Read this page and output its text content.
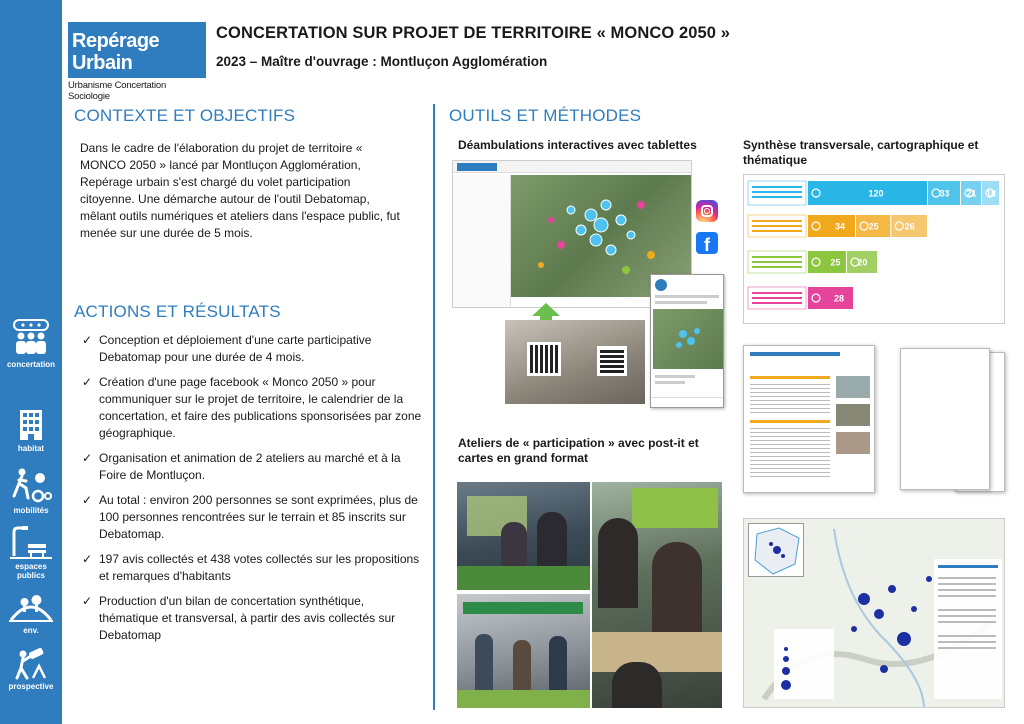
concertation
habitat
mobilités
espaces publics
env.
prospective
Repérage Urbain
Urbanisme Concertation Sociologie
CONCERTATION SUR PROJET DE TERRITOIRE « MONCO 2050 »
2023 – Maître d'ouvrage : Montluçon Agglomération
CONTEXTE ET OBJECTIFS
Dans le cadre de l'élaboration du projet de territoire « MONCO 2050 » lancé par Montluçon Agglomération, Repérage urbain s'est chargé du volet participation citoyenne. Une démarche autour de l'outil Debatomap, mêlant outils numériques et ateliers dans l'espace public, fut menée sur une durée de 5 mois.
ACTIONS ET RÉSULTATS
✓ Conception et déploiement d'une carte participative Debatomap pour une durée de 4 mois.
✓ Création d'une page facebook « Monco 2050 » pour communiquer sur le projet de territoire, le calendrier de la concertation, et faire des publications sponsorisées par zone géographique.
✓ Organisation et animation de 2 ateliers au marché et à la Foire de Montluçon.
✓ Au total : environ 200 personnes se sont exprimées, plus de 100 personnes rencontrées sur le terrain et 85 inscrits sur Debatomap.
✓ 197 avis collectés et 438 votes collectés sur les propositions et remarques d'habitants
✓ Production d'un bilan de concertation synthétique, thématique et transversal, à partir des avis collectés sur Debatomap
OUTILS ET MÉTHODES
Déambulations interactives avec tablettes	Synthèse transversale, cartographique et thématique
Ateliers de « participation » avec post-it et cartes en grand format
f
120	33 21 18
34	25	26
25 20
28
